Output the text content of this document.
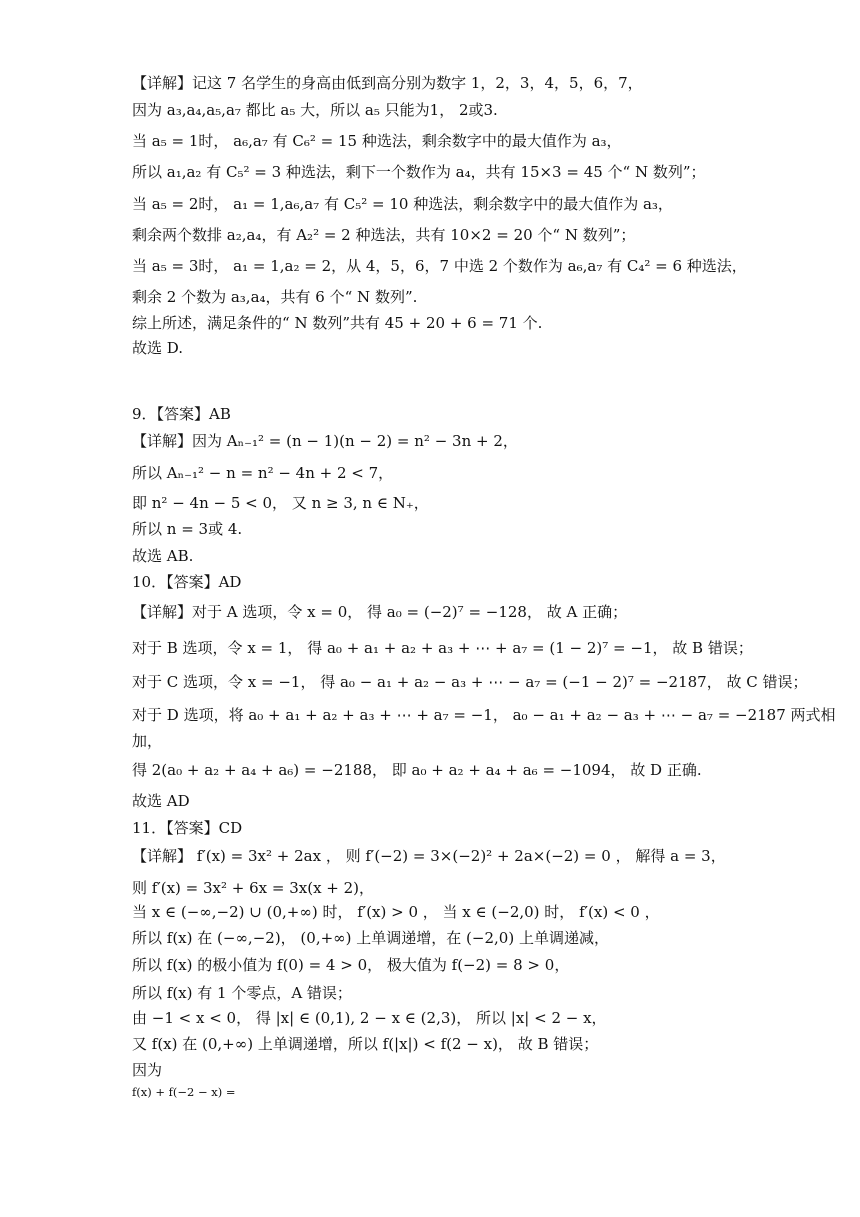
【详解】记这 7 名学生的身高由低到高分别为数字 1，2，3，4，5，6，7，
因为 a₃,a₄,a₅,a₇ 都比 a₅ 大，所以 a₅ 只能为1， 2或3.
当 a₅ = 1时， a₆,a₇ 有 C₆² = 15 种选法，剩余数字中的最大值作为 a₃，
所以 a₁,a₂ 有 C₅² = 3 种选法，剩下一个数作为 a₄，共有 15×3 = 45 个“ N 数列”；
当 a₅ = 2时， a₁ = 1,a₆,a₇ 有 C₅² = 10 种选法，剩余数字中的最大值作为 a₃，
剩余两个数排 a₂,a₄，有 A₂² = 2 种选法，共有 10×2 = 20 个“ N 数列”；
当 a₅ = 3时， a₁ = 1,a₂ = 2，从 4，5，6，7 中选 2 个数作为 a₆,a₇ 有 C₄² = 6 种选法，
剩余 2 个数为 a₃,a₄，共有 6 个“ N 数列”.
综上所述，满足条件的“ N 数列”共有 45 + 20 + 6 = 71 个.
故选 D.
9．【答案】AB
【详解】因为 Aₙ₋₁² = (n − 1)(n − 2) = n² − 3n + 2，
所以 Aₙ₋₁² − n = n² − 4n + 2 < 7，
即 n² − 4n − 5 < 0， 又 n ≥ 3, n ∈ N₊，
所以 n = 3或 4.
故选 AB.
10．【答案】AD
【详解】对于 A 选项，令 x = 0， 得 a₀ = (−2)⁷ = −128， 故 A 正确；
对于 B 选项，令 x = 1， 得 a₀ + a₁ + a₂ + a₃ + ⋯ + a₇ = (1 − 2)⁷ = −1， 故 B 错误；
对于 C 选项，令 x = −1， 得 a₀ − a₁ + a₂ − a₃ + ⋯ − a₇ = (−1 − 2)⁷ = −2187， 故 C 错误；
对于 D 选项，将 a₀ + a₁ + a₂ + a₃ + ⋯ + a₇ = −1， a₀ − a₁ + a₂ − a₃ + ⋯ − a₇ = −2187 两式相
加，
得 2(a₀ + a₂ + a₄ + a₆) = −2188， 即 a₀ + a₂ + a₄ + a₆ = −1094， 故 D 正确.
故选 AD
11．【答案】CD
【详解】 f′(x) = 3x² + 2ax ， 则 f′(−2) = 3×(−2)² + 2a×(−2) = 0 ， 解得 a = 3，
则 f′(x) = 3x² + 6x = 3x(x + 2)，
当 x ∈ (−∞,−2) ∪ (0,+∞) 时， f′(x) > 0 ， 当 x ∈ (−2,0) 时， f′(x) < 0 ，
所以 f(x) 在 (−∞,−2)， (0,+∞) 上单调递增，在 (−2,0) 上单调递减，
所以 f(x) 的极小值为 f(0) = 4 > 0， 极大值为 f(−2) = 8 > 0，
所以 f(x) 有 1 个零点，A 错误；
由 −1 < x < 0， 得 |x| ∈ (0,1), 2 − x ∈ (2,3)， 所以 |x| < 2 − x，
又 f(x) 在 (0,+∞) 上单调递增，所以 f(|x|) < f(2 − x)， 故 B 错误；
因为
f(x) + f(−2 − x) =
